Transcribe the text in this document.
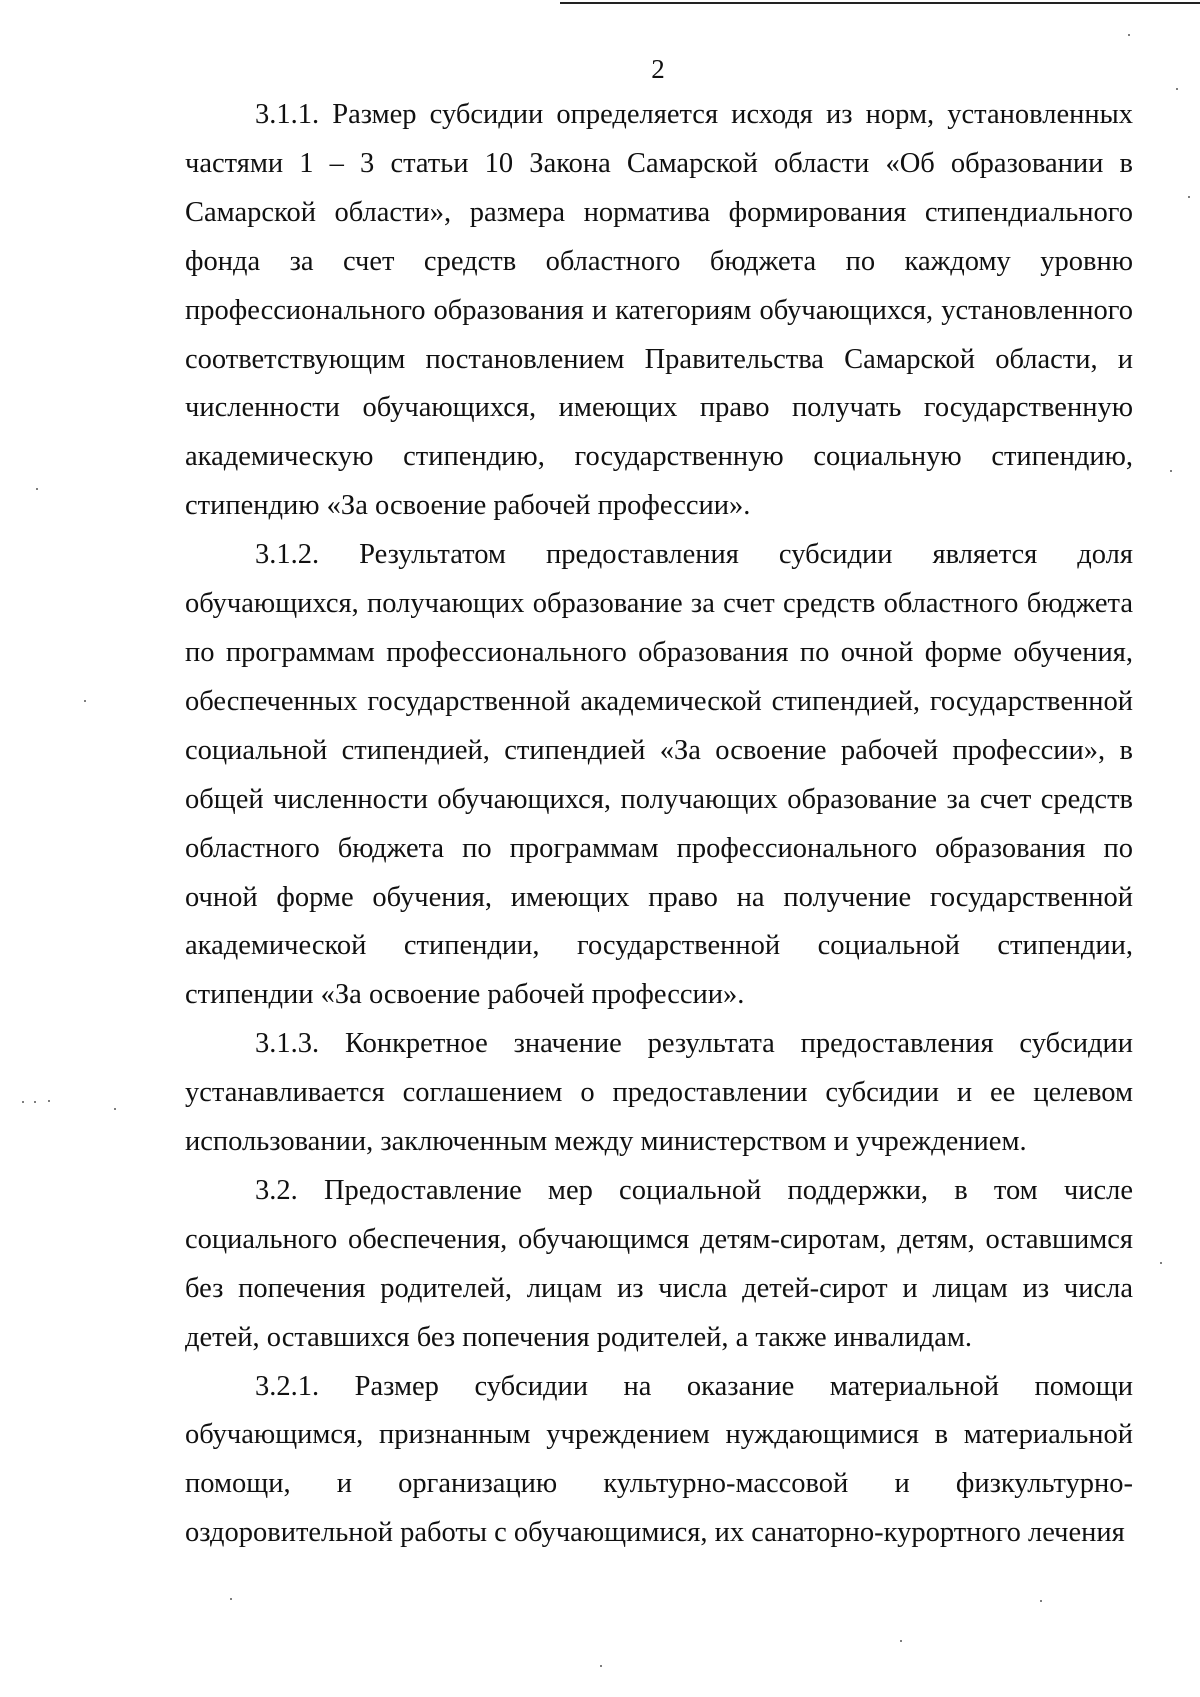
2

3.1.1. Размер субсидии определяется исходя из норм, установленных частями 1 – 3 статьи 10 Закона Самарской области «Об образовании в Самарской области», размера норматива формирования стипендиального фонда за счет средств областного бюджета по каждому уровню профессионального образования и категориям обучающихся, установленного соответствующим постановлением Правительства Самарской области, и численности обучающихся, имеющих право получать государственную академическую стипендию, государственную социальную стипендию, стипендию «За освоение рабочей профессии».

3.1.2. Результатом предоставления субсидии является доля обучающихся, получающих образование за счет средств областного бюджета по программам профессионального образования по очной форме обучения, обеспеченных государственной академической стипендией, государственной социальной стипендией, стипендией «За освоение рабочей профессии», в общей численности обучающихся, получающих образование за счет средств областного бюджета по программам профессионального образования по очной форме обучения, имеющих право на получение государственной академической стипендии, государственной социальной стипендии, стипендии «За освоение рабочей профессии».

3.1.3. Конкретное значение результата предоставления субсидии устанавливается соглашением о предоставлении субсидии и ее целевом использовании, заключенным между министерством и учреждением.

3.2. Предоставление мер социальной поддержки, в том числе социального обеспечения, обучающимся детям-сиротам, детям, оставшимся без попечения родителей, лицам из числа детей-сирот и лицам из числа детей, оставшихся без попечения родителей, а также инвалидам.

3.2.1. Размер субсидии на оказание материальной помощи обучающимся, признанным учреждением нуждающимися в материальной помощи, и организацию культурно-массовой и физкультурно-оздоровительной работы с обучающимися, их санаторно-курортного лечения
